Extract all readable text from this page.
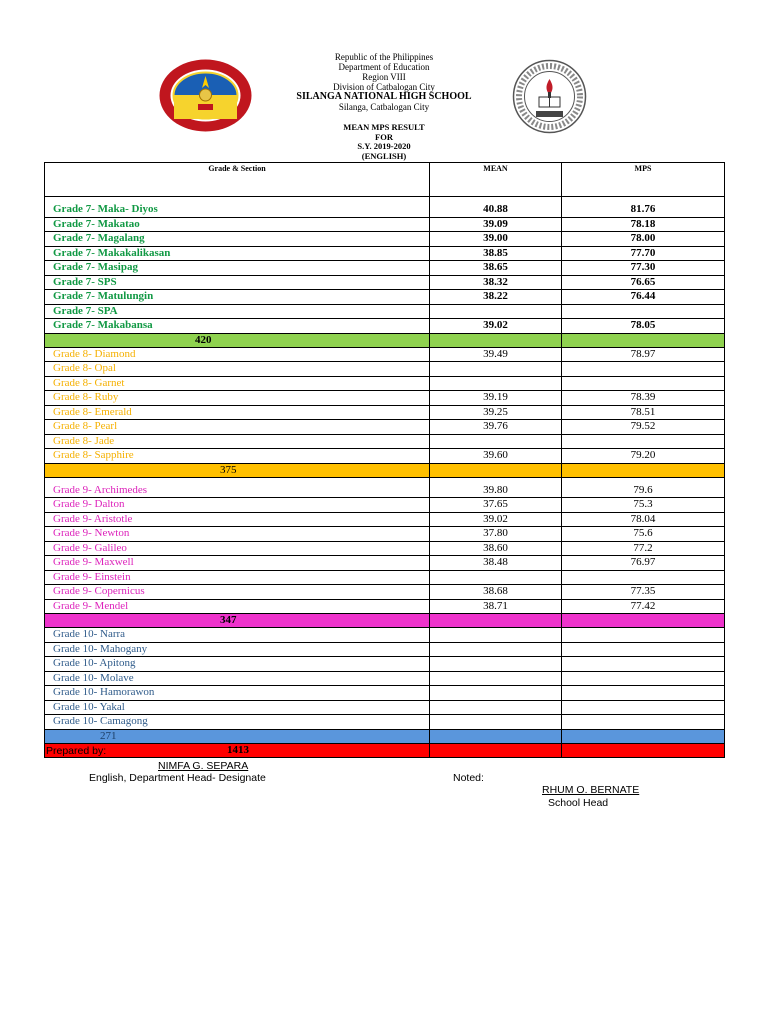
Republic of the Philippines
Department of Education
Region VIII
Division of Catbalogan City
SILANGA NATIONAL HIGH SCHOOL
Silanga, Catbalogan City
MEAN MPS RESULT
FOR
S.Y. 2019-2020
(ENGLISH)
Grade & Section	MEAN	MPS
Grade 7- Maka- Diyos	40.88	81.76
Grade 7- Makatao	39.09	78.18
Grade 7- Magalang	39.00	78.00
Grade 7- Makakalikasan	38.85	77.70
Grade 7- Masipag	38.65	77.30
Grade 7- SPS	38.32	76.65
Grade 7- Matulungin	38.22	76.44
Grade 7- SPA		
Grade 7- Makabansa	39.02	78.05
420		
Grade 8- Diamond	39.49	78.97
Grade 8- Opal		
Grade 8- Garnet		
Grade 8- Ruby	39.19	78.39
Grade 8- Emerald	39.25	78.51
Grade 8- Pearl	39.76	79.52
Grade 8- Jade		
Grade 8- Sapphire	39.60	79.20
375		
Grade 9- Archimedes	39.80	79.6
Grade 9- Dalton	37.65	75.3
Grade 9- Aristotle	39.02	78.04
Grade 9- Newton	37.80	75.6
Grade 9- Galileo	38.60	77.2
Grade 9- Maxwell	38.48	76.97
Grade 9- Einstein		
Grade 9- Copernicus	38.68	77.35
Grade 9- Mendel	38.71	77.42
347		
Grade 10- Narra		
Grade 10- Mahogany		
Grade 10- Apitong		
Grade 10- Molave		
Grade 10- Hamorawon		
Grade 10- Yakal		
Grade 10- Camagong		
271		
1413		
Prepared by:
NIMFA G. SEPARA
English, Department Head- Designate	Noted:
RHUM O. BERNATE
School Head
